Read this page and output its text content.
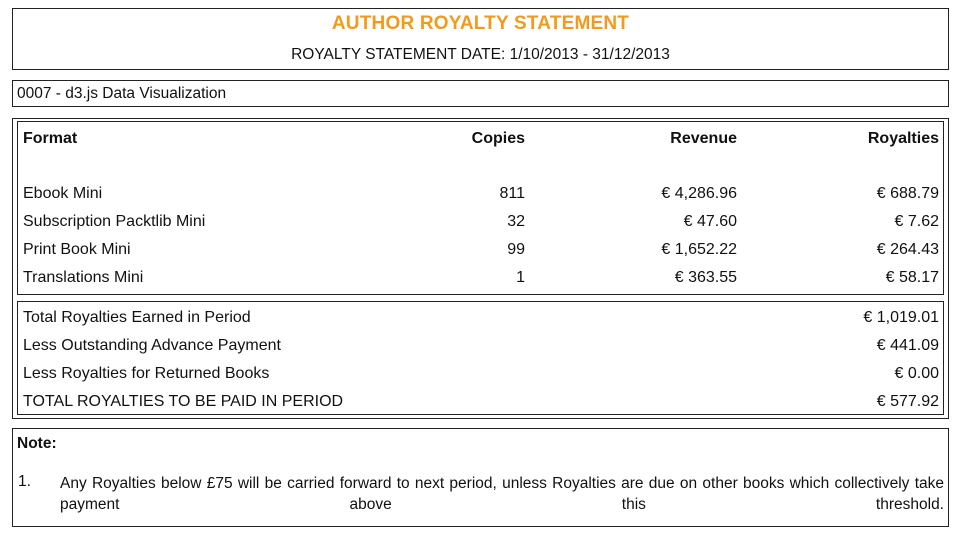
AUTHOR ROYALTY STATEMENT
ROYALTY STATEMENT DATE: 1/10/2013 - 31/12/2013
0007 - d3.js Data Visualization
Format	Copies	Revenue	Royalties
Ebook Mini	811	€ 4,286.96	€ 688.79
Subscription Packtlib Mini	32	€ 47.60	€ 7.62
Print Book Mini	99	€ 1,652.22	€ 264.43
Translations Mini	1	€ 363.55	€ 58.17
Total Royalties Earned in Period	€ 1,019.01
Less Outstanding Advance Payment	€ 441.09
Less Royalties for Returned Books	€ 0.00
TOTAL ROYALTIES TO BE PAID IN PERIOD	€ 577.92
Note:
1. Any Royalties below £75 will be carried forward to next period, unless Royalties are due on other books which collectively take payment above this threshold.
